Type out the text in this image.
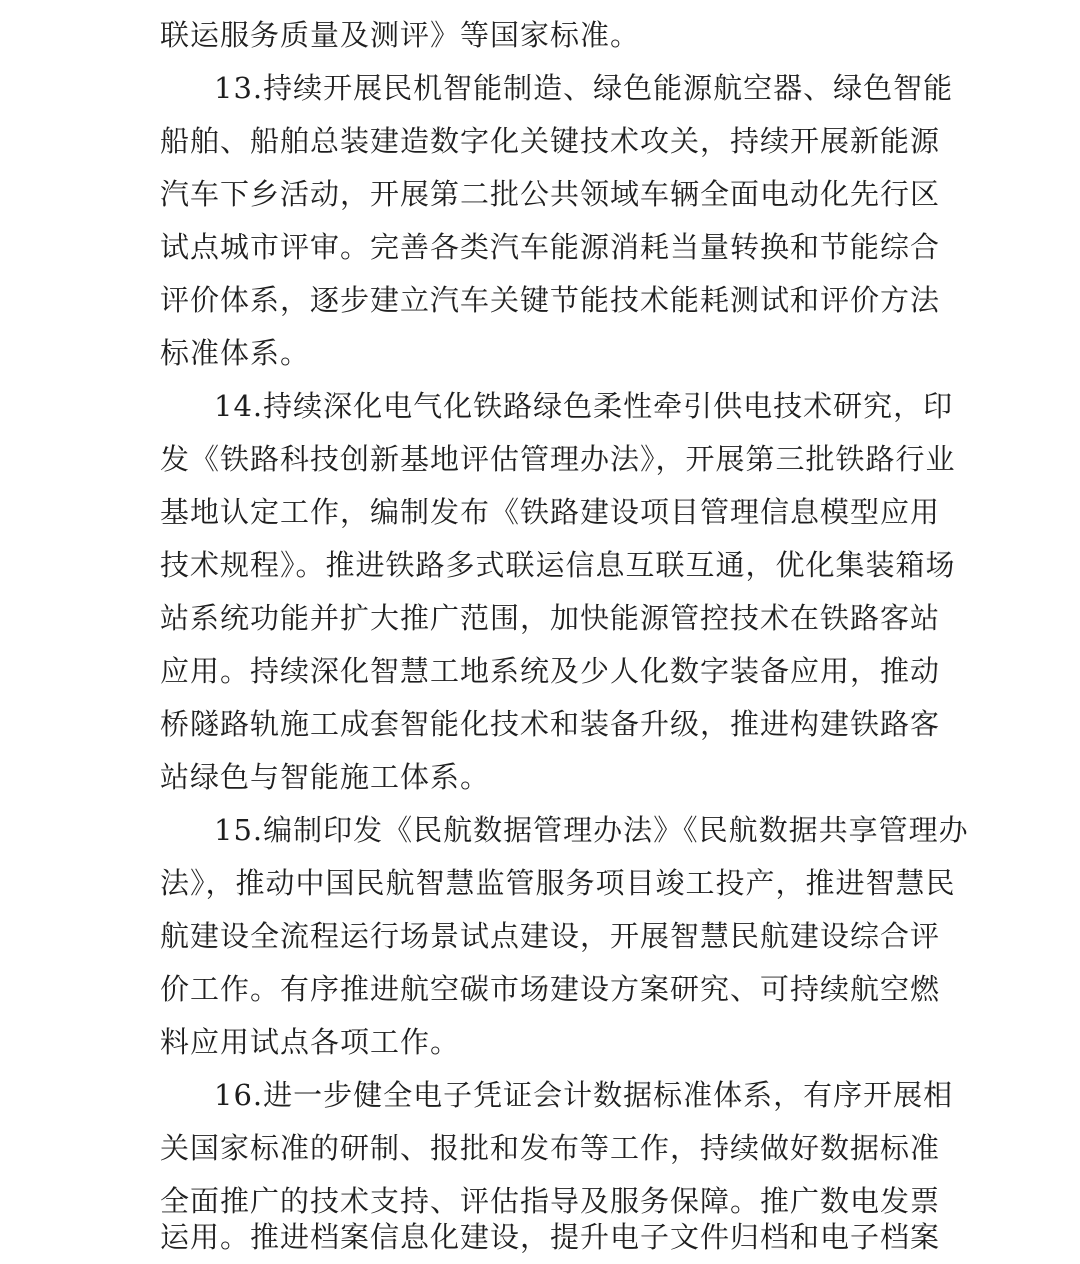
联运服务质量及测评》等国家标准。
13.持续开展民机智能制造、绿色能源航空器、绿色智能
船舶、船舶总装建造数字化关键技术攻关，持续开展新能源
汽车下乡活动，开展第二批公共领域车辆全面电动化先行区
试点城市评审。完善各类汽车能源消耗当量转换和节能综合
评价体系，逐步建立汽车关键节能技术能耗测试和评价方法
标准体系。
14.持续深化电气化铁路绿色柔性牵引供电技术研究，印
发《铁路科技创新基地评估管理办法》，开展第三批铁路行业
基地认定工作，编制发布《铁路建设项目管理信息模型应用
技术规程》。推进铁路多式联运信息互联互通，优化集装箱场
站系统功能并扩大推广范围，加快能源管控技术在铁路客站
应用。持续深化智慧工地系统及少人化数字装备应用，推动
桥隧路轨施工成套智能化技术和装备升级，推进构建铁路客
站绿色与智能施工体系。
15.编制印发《民航数据管理办法》《民航数据共享管理办
法》，推动中国民航智慧监管服务项目竣工投产，推进智慧民
航建设全流程运行场景试点建设，开展智慧民航建设综合评
价工作。有序推进航空碳市场建设方案研究、可持续航空燃
料应用试点各项工作。
16.进一步健全电子凭证会计数据标准体系，有序开展相
关国家标准的研制、报批和发布等工作，持续做好数据标准
全面推广的技术支持、评估指导及服务保障。推广数电发票
运用。推进档案信息化建设，提升电子文件归档和电子档案
